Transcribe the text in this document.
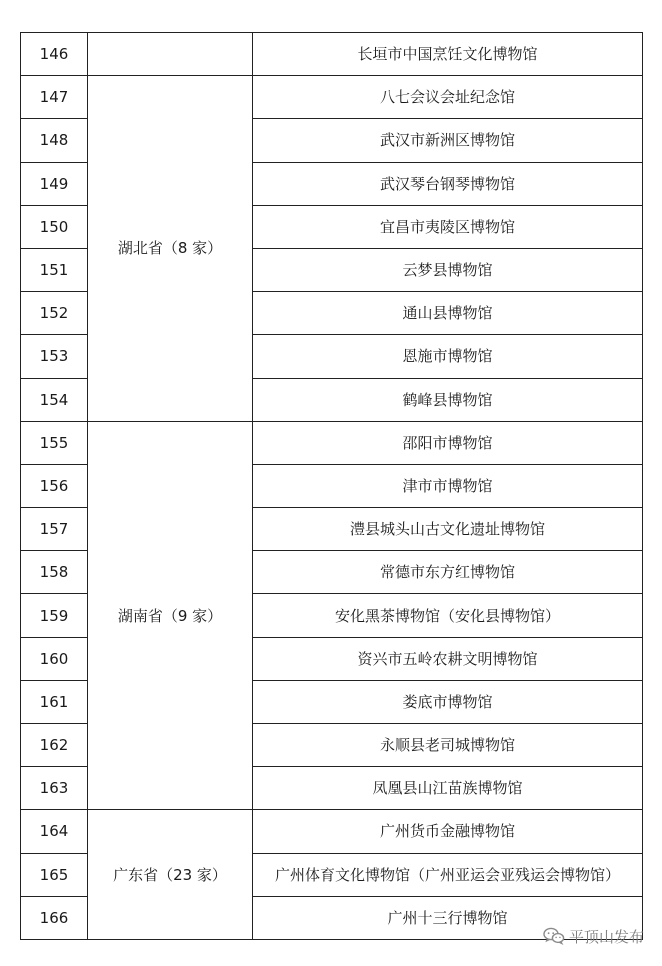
146		长垣市中国烹饪文化博物馆
147	湖北省（8 家）	八七会议会址纪念馆
148		武汉市新洲区博物馆
149		武汉琴台钢琴博物馆
150		宜昌市夷陵区博物馆
151		云梦县博物馆
152		通山县博物馆
153		恩施市博物馆
154		鹤峰县博物馆
155	湖南省（9 家）	邵阳市博物馆
156		津市市博物馆
157		澧县城头山古文化遗址博物馆
158		常德市东方红博物馆
159		安化黑茶博物馆（安化县博物馆）
160		资兴市五岭农耕文明博物馆
161		娄底市博物馆
162		永顺县老司城博物馆
163		凤凰县山江苗族博物馆
164	广东省（23 家）	广州货币金融博物馆
165		广州体育文化博物馆（广州亚运会亚残运会博物馆）
166		广州十三行博物馆
平顶山发布
